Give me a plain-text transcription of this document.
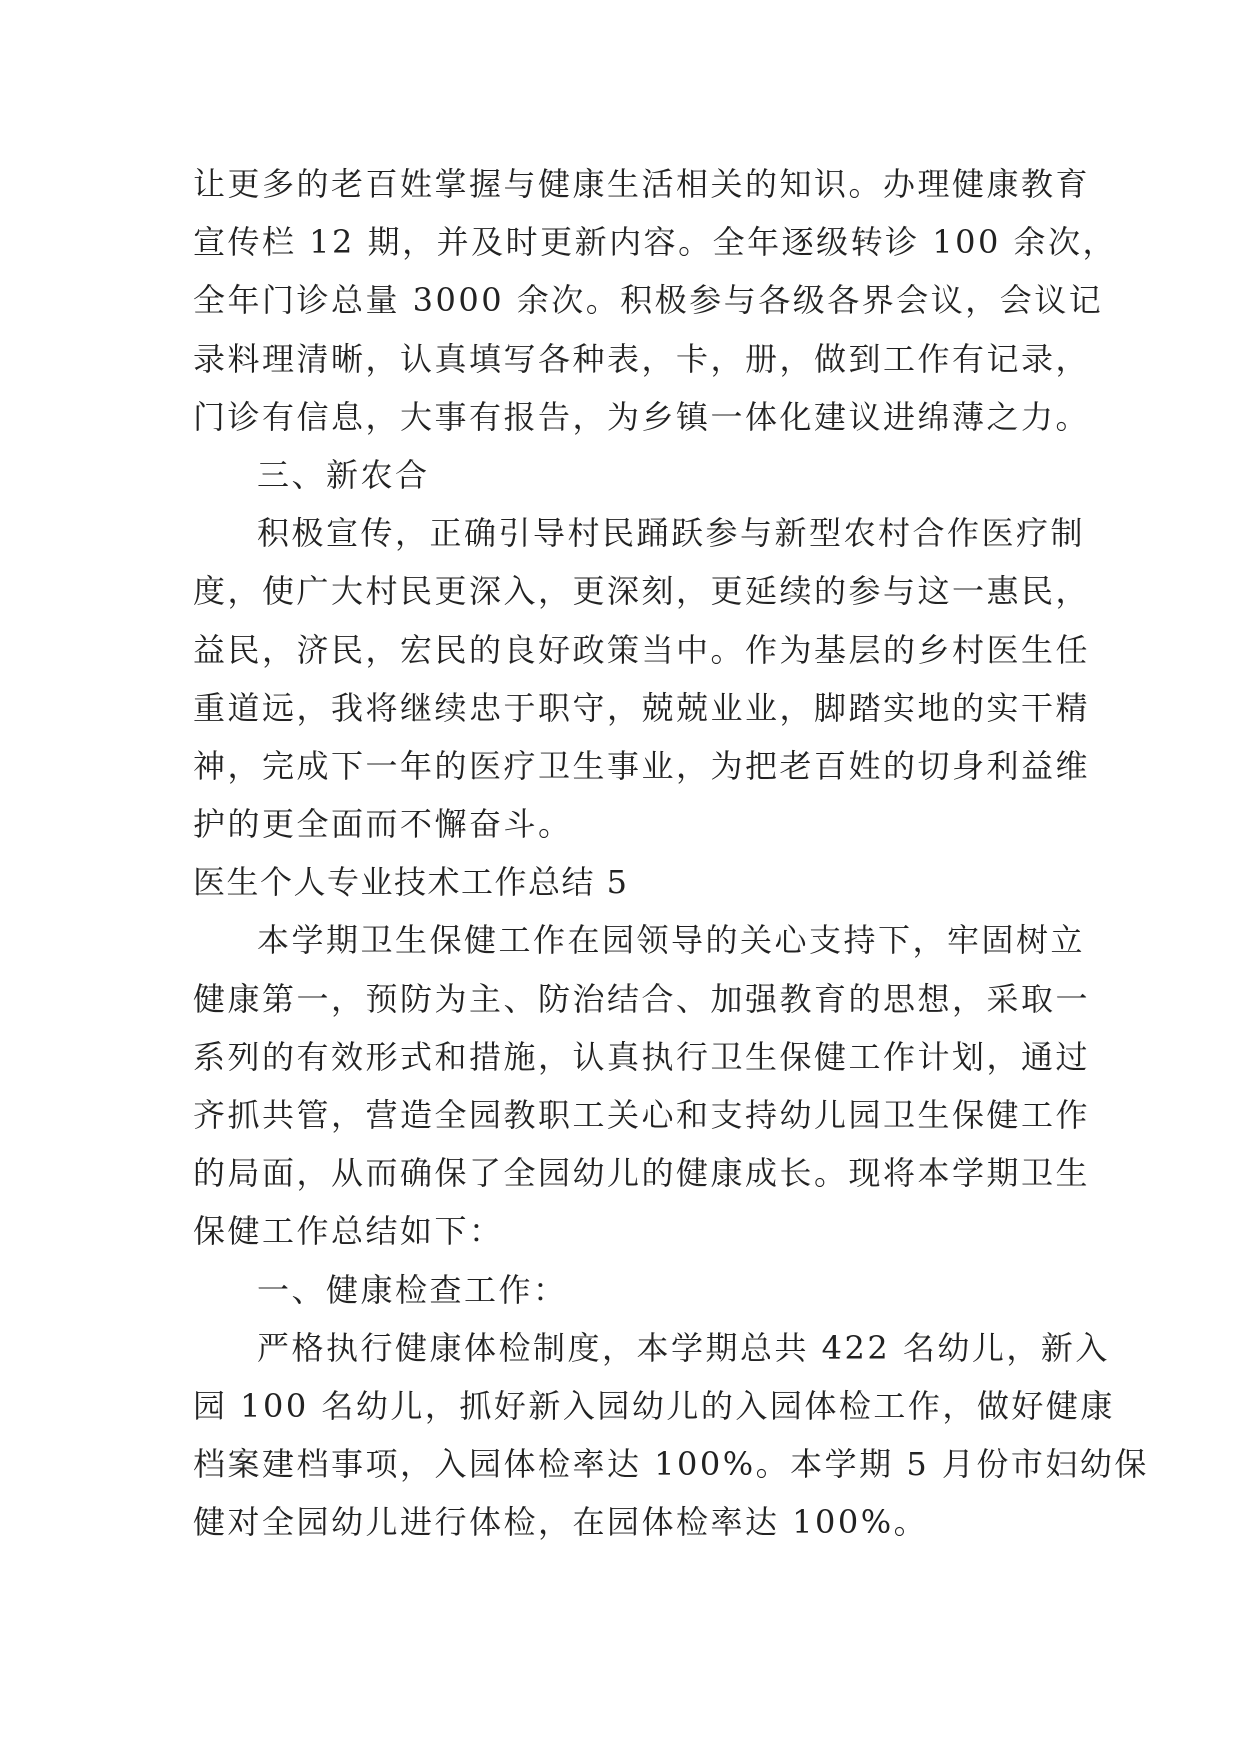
让更多的老百姓掌握与健康生活相关的知识。办理健康教育
宣传栏 12 期，并及时更新内容。全年逐级转诊 100 余次，
全年门诊总量 3000 余次。积极参与各级各界会议，会议记
录料理清晰，认真填写各种表，卡，册，做到工作有记录，
门诊有信息，大事有报告，为乡镇一体化建议进绵薄之力。
三、新农合
积极宣传，正确引导村民踊跃参与新型农村合作医疗制
度，使广大村民更深入，更深刻，更延续的参与这一惠民，
益民，济民，宏民的良好政策当中。作为基层的乡村医生任
重道远，我将继续忠于职守，兢兢业业，脚踏实地的实干精
神，完成下一年的医疗卫生事业，为把老百姓的切身利益维
护的更全面而不懈奋斗。
医生个人专业技术工作总结 5
本学期卫生保健工作在园领导的关心支持下，牢固树立
健康第一，预防为主、防治结合、加强教育的思想，采取一
系列的有效形式和措施，认真执行卫生保健工作计划，通过
齐抓共管，营造全园教职工关心和支持幼儿园卫生保健工作
的局面，从而确保了全园幼儿的健康成长。现将本学期卫生
保健工作总结如下：
一、健康检查工作：
严格执行健康体检制度，本学期总共 422 名幼儿，新入
园 100 名幼儿，抓好新入园幼儿的入园体检工作，做好健康
档案建档事项，入园体检率达 100%。本学期 5 月份市妇幼保
健对全园幼儿进行体检，在园体检率达 100%。
